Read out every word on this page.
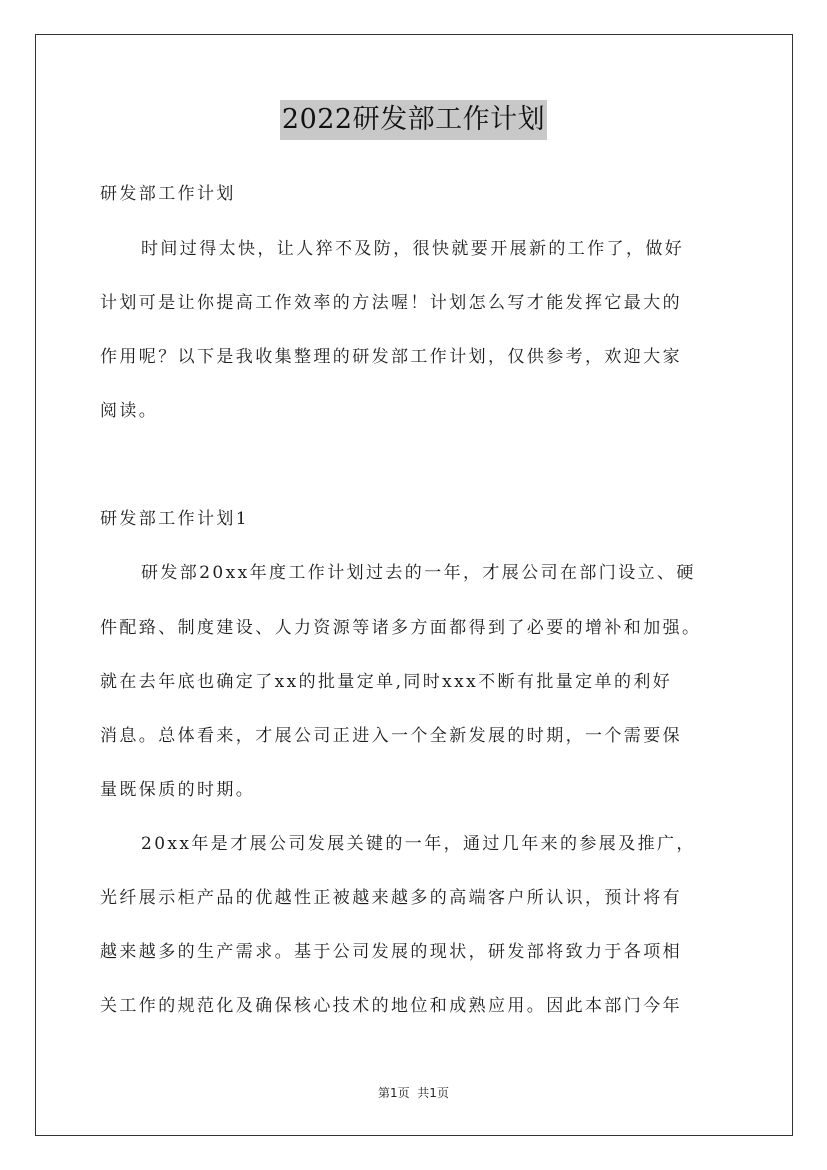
2022研发部工作计划
研发部工作计划
时间过得太快，让人猝不及防，很快就要开展新的工作了，做好
计划可是让你提高工作效率的方法喔！计划怎么写才能发挥它最大的
作用呢？以下是我收集整理的研发部工作计划，仅供参考，欢迎大家
阅读。
研发部工作计划1
研发部20xx年度工作计划过去的一年，才展公司在部门设立、硬
件配臵、制度建设、人力资源等诸多方面都得到了必要的增补和加强。
就在去年底也确定了xx的批量定单,同时xxx不断有批量定单的利好
消息。总体看来，才展公司正进入一个全新发展的时期，一个需要保
量既保质的时期。
20xx年是才展公司发展关键的一年，通过几年来的参展及推广，
光纤展示柜产品的优越性正被越来越多的高端客户所认识，预计将有
越来越多的生产需求。基于公司发展的现状，研发部将致力于各项相
关工作的规范化及确保核心技术的地位和成熟应用。因此本部门今年
第1页  共1页
